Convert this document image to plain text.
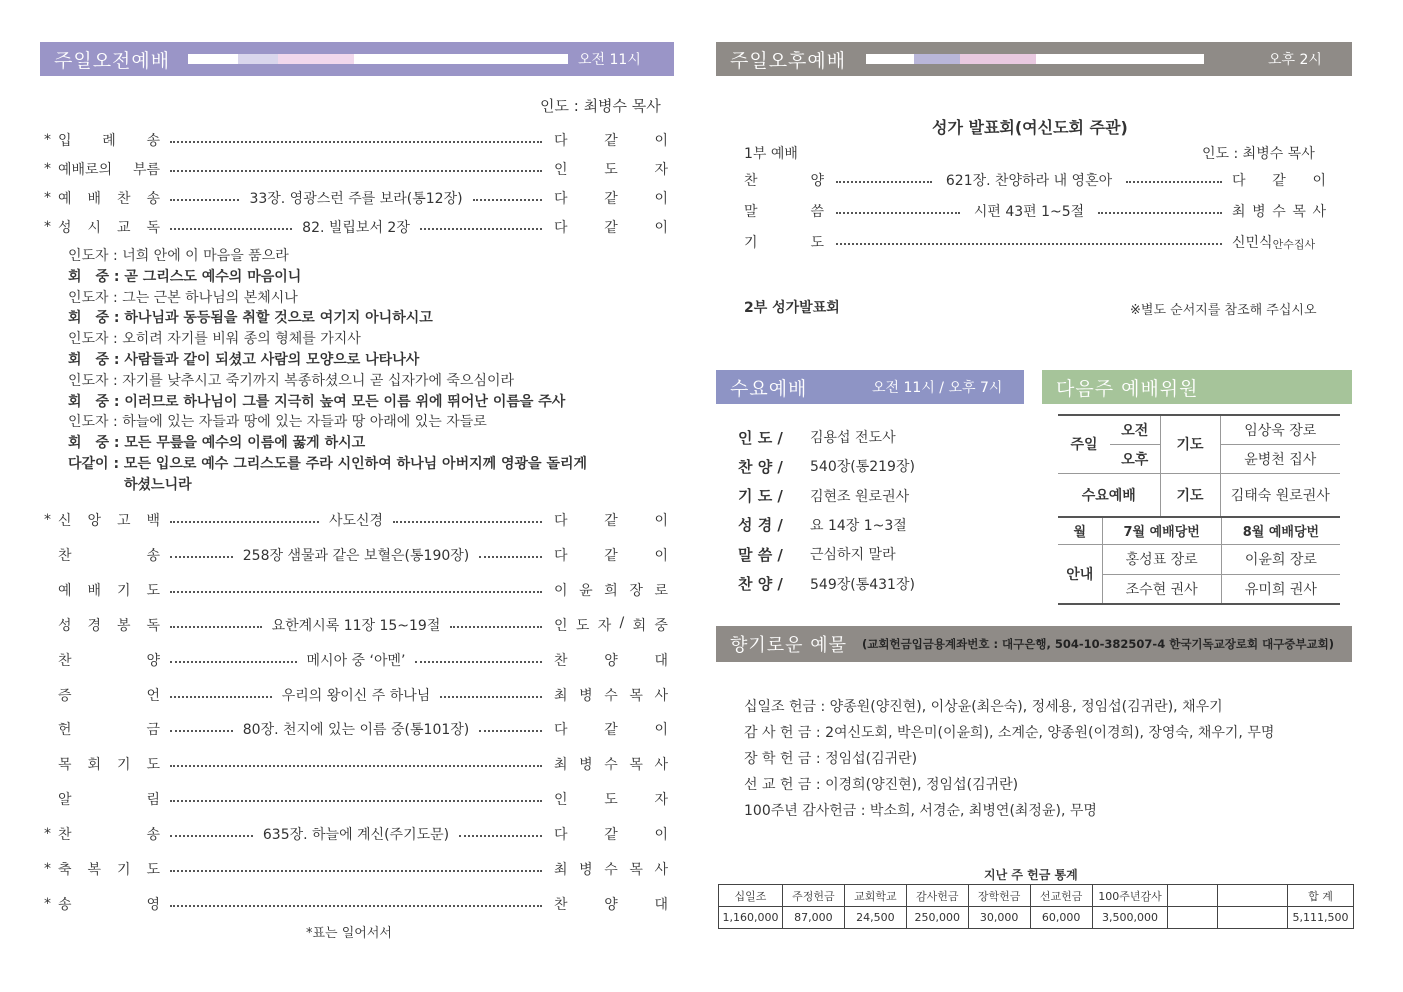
주일오전예배	오전 11시
인도 : 최병수 목사
* 입 례 송	다	같	이
* 예배로의 부름	인	도	자
* 예 배 찬 송	33장. 영광스런 주를 보라(통12장)	다	같	이
* 성 시 교 독	82. 빌립보서 2장	다	같	이
인도자 : 너희 안에 이 마음을 품으라
회　중 : 곧 그리스도 예수의 마음이니
인도자 : 그는 근본 하나님의 본체시나
회　중 : 하나님과 동등됨을 취할 것으로 여기지 아니하시고
인도자 : 오히려 자기를 비워 종의 형체를 가지사
회　중 : 사람들과 같이 되셨고 사람의 모양으로 나타나사
인도자 : 자기를 낮추시고 죽기까지 복종하셨으니 곧 십자가에 죽으심이라
회　중 : 이러므로 하나님이 그를 지극히 높여 모든 이름 위에 뛰어난 이름을 주사
인도자 : 하늘에 있는 자들과 땅에 있는 자들과 땅 아래에 있는 자들로
회　중 : 모든 무릎을 예수의 이름에 꿇게 하시고
다같이 : 모든 입으로 예수 그리스도를 주라 시인하여 하나님 아버지께 영광을 돌리게
　　　　하셨느니라
* 신 앙 고 백	사도신경	다	같	이
찬	송	258장 샘물과 같은 보혈은(통190장)	다	같	이
예 배 기 도	이 윤 희 장 로
성 경 봉 독	요한계시록 11장 15~19절	인 도 자 / 회 중
찬	양	메시아 중 ‘아멘’	찬	양	대
증	언	우리의 왕이신 주 하나님	최 병 수 목 사
헌	금	80장. 천지에 있는 이름 중(통101장)	다	같	이
목 회 기 도	최 병 수 목 사
알	림	인	도	자
* 찬	송	635장. 하늘에 계신(주기도문)	다	같	이
* 축 복 기 도	최 병 수 목 사
* 송	영	찬	양	대
*표는 일어서서
주일오후예배	오후 2시
성가 발표회(여신도회 주관)
1부 예배	인도 : 최병수 목사
찬	양	621장. 찬양하라 내 영혼아	다 같 이
말	씀	시편 43편 1~5절	최 병 수 목 사
기	도	신민식 안수집사
2부 성가발표회	※별도 순서지를 참조해 주십시오
수요예배	오전 11시 / 오후 7시
인 도 /	김용섭 전도사
찬 양 /	540장(통219장)
기 도 /	김현조 원로권사
성 경 /	요 14장 1~3절
말 씀 /	근심하지 말라
찬 양 /	549장(통431장)
다음주 예배위원
주일	오전	기도	임상욱 장로
	오후		윤병천 집사
수요예배		기도	김태숙 원로권사
월	7월 예배당번	8월 예배당번
안내	홍성표 장로	이윤희 장로
	조수현 권사	유미희 권사
향기로운 예물 (교회헌금입금용계좌번호 : 대구은행, 504-10-382507-4 한국기독교장로회 대구중부교회)
십일조 헌금 : 양종원(양진현), 이상윤(최은숙), 정세용, 정임섭(김귀란), 채우기
감 사 헌 금 : 2여신도회, 박은미(이윤희), 소계순, 양종원(이경희), 장영숙, 채우기, 무명
장 학 헌 금 : 정임섭(김귀란)
선 교 헌 금 : 이경희(양진현), 정임섭(김귀란)
100주년 감사헌금 : 박소희, 서경순, 최병연(최정윤), 무명
지난 주 헌금 통계
십일조	주정헌금	교회학교	감사헌금	장학헌금	선교헌금	100주년감사			합 계
1,160,000	87,000	24,500	250,000	30,000	60,000	3,500,000			5,111,500
